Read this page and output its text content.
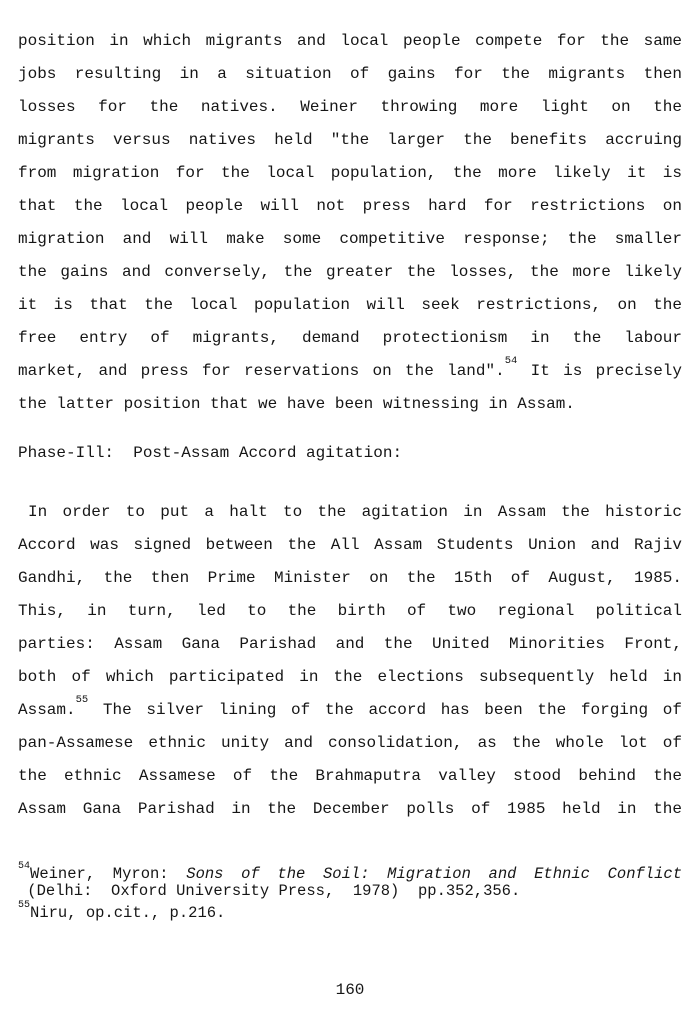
position in which migrants and local people compete for the same
jobs resulting in a situation of gains for the migrants then
losses for the natives. Weiner throwing more light on the
migrants versus natives held "the larger the benefits accruing
from migration for the local population, the more likely it is
that the local people will not press hard for restrictions on
migration and will make some competitive response; the smaller
the gains and conversely, the greater the losses, the more likely
it is that the local population will seek restrictions, on the
free entry of migrants, demand protectionism in the labour
market, and press for reservations on the land".$^{54}$ It is precisely
the latter position that we have been witnessing in Assam.
Phase-Ill:  Post-Assam Accord agitation:
In order to put a halt to the agitation in Assam the historic
Accord was signed between the All Assam Students Union and Rajiv
Gandhi, the then Prime Minister on the 15th of August, 1985.
This, in turn, led to the birth of two regional political
parties: Assam Gana Parishad and the United Minorities Front,
both of which participated in the elections subsequently held in
Assam.$^{55}$ The silver lining of the accord has been the forging of
pan-Assamese ethnic unity and consolidation, as the whole lot of
the ethnic Assamese of the Brahmaputra valley stood behind the
Assam Gana Parishad in the December polls of 1985 held in the
$^{54}$Weiner, Myron: Sons of the Soil: Migration and Ethnic Conflict
(Delhi:  Oxford University Press,  1978)  pp.352,356.
$^{55}$Niru, op.cit., p.216.
160
